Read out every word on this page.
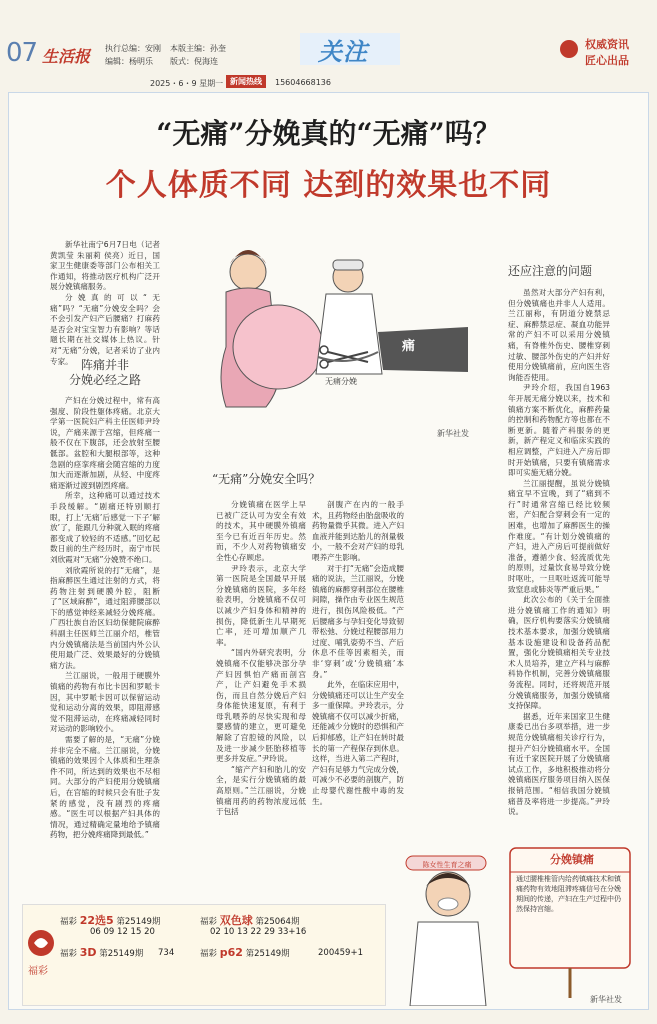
07 生活报 执行总编：安刚 本版主编：孙奎
编辑：杨明乐 版式：倪海连	关注	权威资讯
匠心出品
2025・6・9 星期一 新闻热线	15604668136
“无痛”分娩真的“无痛”吗？
个人体质不同 达到的效果也不同

新华社南宁6月7日电（记者黄凯莹 朱丽莉 侯亮）近日，国家卫生健康委等部门公布相关工作通知，将推动医疗机构广泛开展分娩镇痛服务。

分娩真的可以“无痛”吗？“无痛”分娩安全吗？会不会引发产妇产后腰痛？打麻药是否会对宝宝智力有影响？等话题长期在社交媒体上热议。针对“无痛”分娩，记者采访了业内专家。 阵痛并非
分娩必经之路

产妇在分娩过程中，常有高强度、阶段性躯体疼痛。北京大学第一医院妇产科主任医师尹玲说，产痛来源于宫缩，但疼痛一般不仅在下腹部，还会放射至腰骶部。盆腔和大腿根部等，这种急剧的痉挛疼痛会随宫缩的力度加大而逐渐加剧，从轻、中度疼痛逐渐过渡到剧烈疼痛。

所幸，这种痛可以通过技术手段缓解。“剧痛还特别顺打眼，打上‘无痛’后感觉一下子‘解放’了，能跟几分种就入眠的疼痛都变成了较轻的不适感。”回忆起数日前的生产经历时，南宁市民刘欣霞对“无痛”分娩赞不绝口。

刘欣霞所说的打“无痛”，是指麻醉医生通过注射的方式，将药物注射到硬膜外腔，阻断了“区域麻醉”，通过阻滞腰部以下的感觉神经来减轻分娩疼痛。广西壮族自治区妇幼保健院麻醉科副主任医师兰江丽介绍，椎管内分娩镇痛法是当前国内外公认使用最广泛、效果最好的分娩镇痛方法。

兰江丽说，一般用于硬膜外镇痛的药物有布比卡因和罗哌卡因，其中罗哌卡因可以保留运动觉和运动分离的效果，即阻滞感觉不阻滞运动，在疼痛减轻同时对运动的影响较小。

需要了解的是，“无痛”分娩并非完全不痛。兰江丽说，分娩镇痛的效果因个人体质和生理条件不同，所达到的效果也不尽相同。大部分的产妇使用分娩镇痛后，在宫缩的时候只会有肚子发紧的感觉，没有剧烈的疼痛感。“医生可以根据产妇具体的情况，通过精确定量地给予镇痛药物，把分娩疼痛降到最低。”

痛
无痛分娩
新华社发
“无痛”分娩安全吗？

分娩镇痛在医学上早已被广泛认可为安全有效的技术，其中硬膜外镇痛至今已有近百年历史。然而，不少人对药物镇痛安全性心存顾虑。

尹玲表示，北京大学第一医院是全国最早开展分娩镇痛的医院，多年经验表明，分娩镇痛不仅可以减少产妇身体和精神的损伤，降低新生儿早期死亡率，还可增加顺产几率。

“国内外研究表明，分娩镇痛不仅能够决部分孕产妇因惧怕产痛而剖宫产，让产妇避免手术损伤，而且自然分娩后产妇身体能快速复原，有利于母乳喂养的尽快实现和母婴感情的建立，更可避免解除了宫腔镜的风险，以及进一步减少胚胎移植等更多并发症。”尹玲说。

“缩产产妇和胎儿的安全，是实行分娩镇痛的最高原则。”兰江丽说，分娩镇痛用药的药物浓度远低于包括

剖腹产在内的一般手术，且药物经由胎盘吸收的药物量微乎其微。进入产妇血液并能到达胎儿的剂量极小，一般不会对产妇的母乳喂养产生影响。

对于打“无痛”会造成腰痛的说法，兰江丽说，分娩镇痛的麻醉穿刺部位在腰椎间隙，操作由专业医生规范进行，损伤风险极低。“产后腰痛多与孕妇变化导致韧带松弛、分娩过程腰部用力过度、哺乳姿势不当、产后休息不佳等因素相关，而非‘穿刺’或‘分娩镇痛’本身。”

此外，在临床应用中，分娩镇痛还可以让生产安全多一重保障。尹玲表示，分娩镇痛不仅可以减少折痛，还能减少分娩时的恐惧和产后抑郁感，让产妇在转时最长的第一产程保存到休息。这样，当进入第二产程时，产妇有足够力气完成分娩，可减少不必要的剖腹产，防止母婴代谢性酸中毒的发生。

还应注意的问题

虽然对大部分产妇有利，但分娩镇痛也并非人人适用。兰江丽称，有阴道分娩禁忌症、麻醉禁忌症、凝血功能异常的产妇不可以采用分娩镇痛，有脊椎外伤史、腰椎穿刺过敏、腰部外伤史的产妇并好使用分娩镇痛前，应向医生咨询能否使用。

尹玲介绍，我国自1963年开展无痛分娩以来，技术和镇痛方案不断优化，麻醉药量的控制和药物配方等也都在不断更新。随着产科服务的更新，新产程定义和临床实践的相应调整，产妇进入产房后即时开始镇痛，只要有镇痛需求即可实施无痛分娩。

兰江丽提醒，虽说分娩镇痛宜早不宜晚，到了“痛到不行”时通常宫缩已经比较频密，产妇配合穿刺会有一定的困难，也增加了麻醉医生的操作难度。“有计划分娩镇痛的产妇，进入产房后可提前做好准备，遵循少食、轻流质优先的原则，过量饮食易导致分娩时呕吐，一旦呕吐返流可能导致窒息或肺炎等严重后果。”

此次公布的《关于全面推进分娩镇痛工作的通知》明确，医疗机构要落实分娩镇痛技术基本要求，加强分娩镇痛基本设施建设和设备药品配置，强化分娩镇痛相关专业技术人员培养，建立产科与麻醉科协作机制，完善分娩镇痛服务流程。同时，还将规范开展分娩镇痛服务，加强分娩镇痛支持保障。

据悉，近年来国家卫生健康委已出台多项举措，进一步规范分娩镇痛相关诊疗行为，提升产妇分娩镇痛水平。全国有近千家医院开展了分娩镇痛试点工作，多地积极推动将分娩镇痛医疗服务项目纳入医保报销范围。“相信我国分娩镇痛普及率将进一步提高。”尹玲说。

陈女性生育之痛	分娩镇痛
通过腰椎椎管内给药镇痛技术和镇痛药物有效地阻滞疼痛信号在分娩期间的传递，产妇在生产过程中仍然保持宫缩。
新华社发
福彩
福彩 22选5 第25149期
06 09 12 15 20
福彩 双色球 第25064期
02 10 13 22 29 33+16
福彩 3D 第25149期 734	福彩 p62 第25149期	200459+1
